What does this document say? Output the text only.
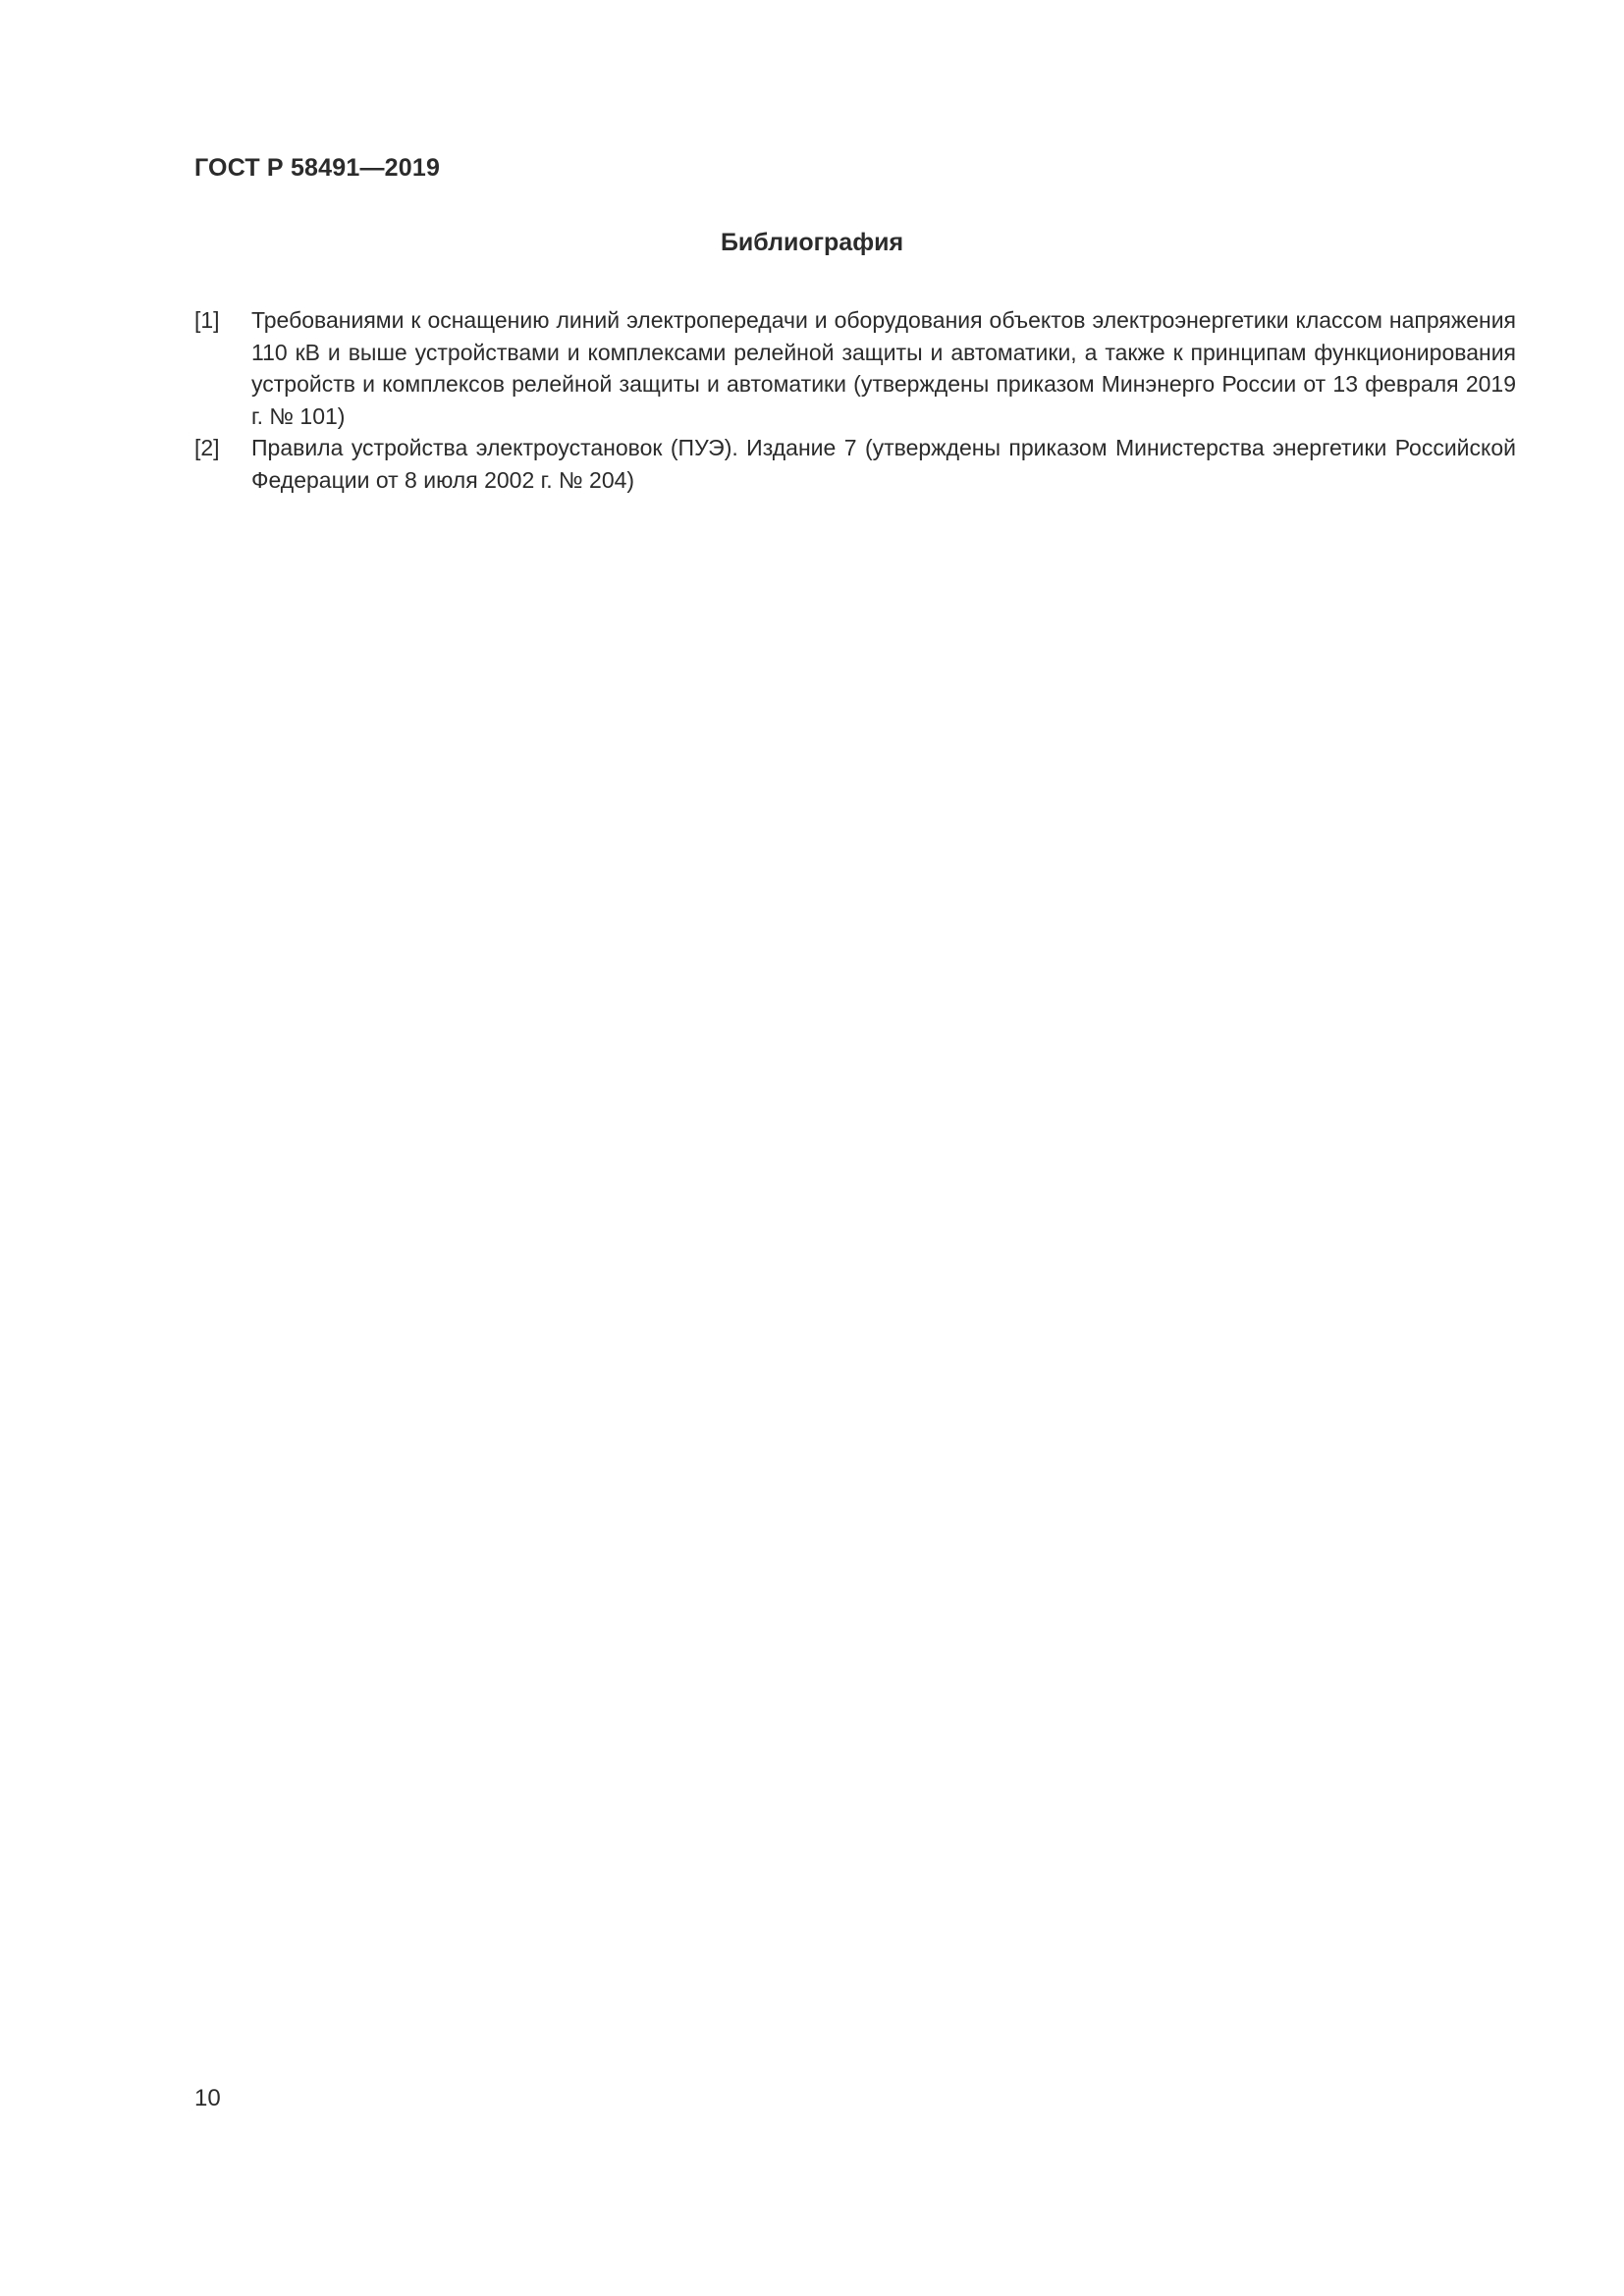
ГОСТ Р 58491—2019

Библиография
[1]	Требованиями к оснащению линий электропередачи и оборудования объектов электроэнергетики классом напряжения 110 кВ и выше устройствами и комплексами релейной защиты и автоматики, а также к принципам функционирования устройств и комплексов релейной защиты и автоматики (утверждены приказом Минэнерго России от 13 февраля 2019 г. № 101)
[2]	Правила устройства электроустановок (ПУЭ). Издание 7 (утверждены приказом Министерства энергетики Российской Федерации от 8 июля 2002 г. № 204)

10
